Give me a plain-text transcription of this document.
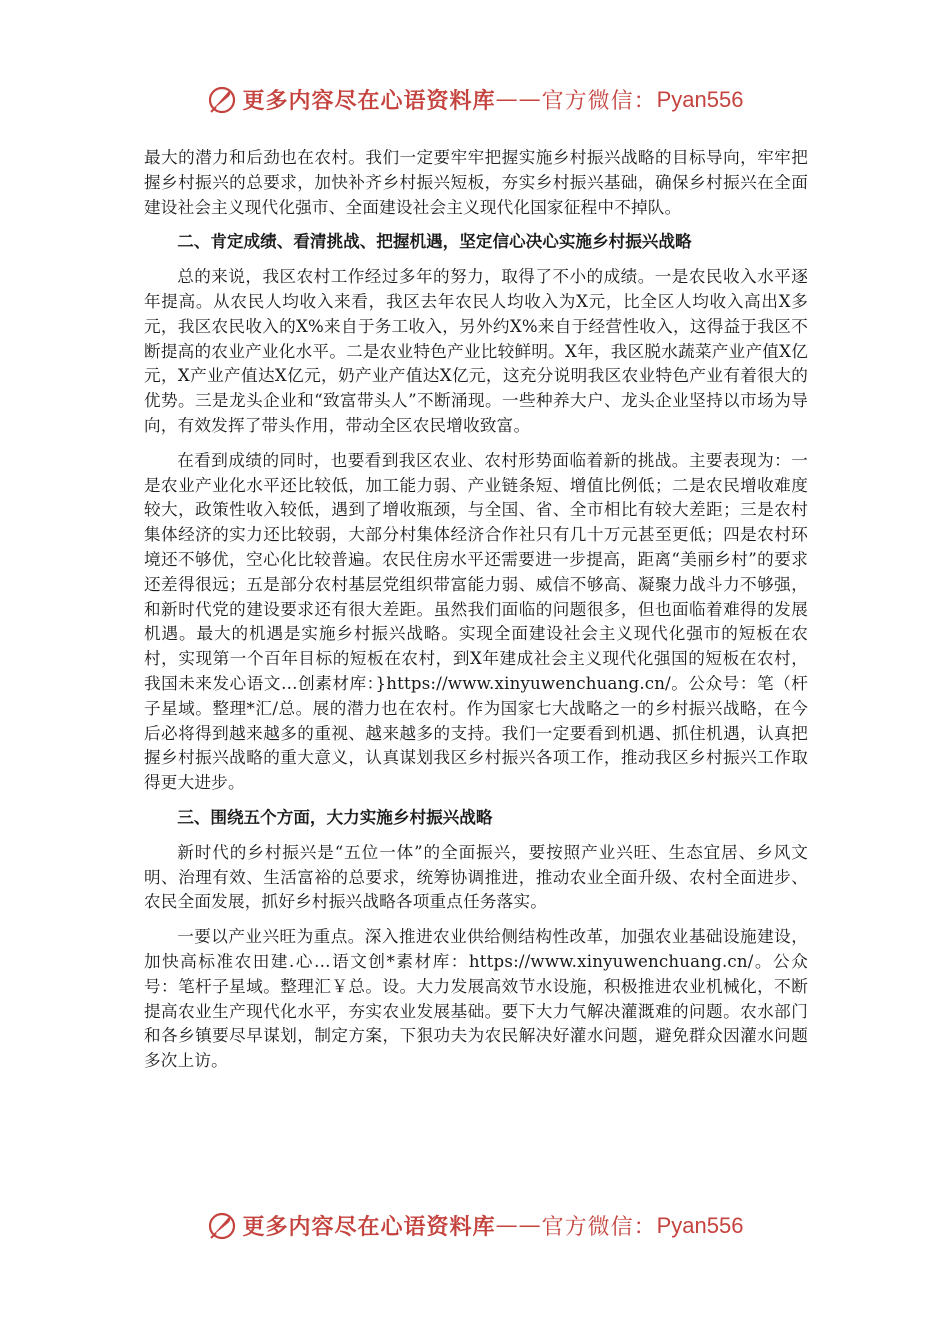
更多内容尽在心语资料库 —— 官方微信： Pyan556

最大的潜力和后劲也在农村。我们一定要牢牢把握实施乡村振兴战略的目标导向，牢牢把握乡村振兴的总要求，加快补齐乡村振兴短板，夯实乡村振兴基础，确保乡村振兴在全面建设社会主义现代化强市、全面建设社会主义现代化国家征程中不掉队。

二、肯定成绩、看清挑战、把握机遇，坚定信心决心实施乡村振兴战略

总的来说，我区农村工作经过多年的努力，取得了不小的成绩。一是农民收入水平逐年提高。从农民人均收入来看，我区去年农民人均收入为X元，比全区人均收入高出X多元，我区农民收入的X%来自于务工收入，另外约X%来自于经营性收入，这得益于我区不断提高的农业产业化水平。二是农业特色产业比较鲜明。X年，我区脱水蔬菜产业产值X亿元，X产业产值达X亿元，奶产业产值达X亿元，这充分说明我区农业特色产业有着很大的优势。三是龙头企业和“致富带头人”不断涌现。一些种养大户、龙头企业坚持以市场为导向，有效发挥了带头作用，带动全区农民增收致富。

在看到成绩的同时，也要看到我区农业、农村形势面临着新的挑战。主要表现为：一是农业产业化水平还比较低，加工能力弱、产业链条短、增值比例低；二是农民增收难度较大，政策性收入较低，遇到了增收瓶颈，与全国、省、全市相比有较大差距；三是农村集体经济的实力还比较弱，大部分村集体经济合作社只有几十万元甚至更低；四是农村环境还不够优，空心化比较普遍。农民住房水平还需要进一步提高，距离“美丽乡村”的要求还差得很远；五是部分农村基层党组织带富能力弱、威信不够高、凝聚力战斗力不够强，和新时代党的建设要求还有很大差距。虽然我们面临的问题很多，但也面临着难得的发展机遇。最大的机遇是实施乡村振兴战略。实现全面建设社会主义现代化强市的短板在农村，实现第一个百年目标的短板在农村，到X年建成社会主义现代化强国的短板在农村，我国未来发心语文…创素材库：}https://www.xinyuwenchuang.cn/。公众号：笔（杆子星域。整理*汇/总。展的潜力也在农村。作为国家七大战略之一的乡村振兴战略，在今后必将得到越来越多的重视、越来越多的支持。我们一定要看到机遇、抓住机遇，认真把握乡村振兴战略的重大意义，认真谋划我区乡村振兴各项工作，推动我区乡村振兴工作取得更大进步。

三、围绕五个方面，大力实施乡村振兴战略

新时代的乡村振兴是“五位一体”的全面振兴，要按照产业兴旺、生态宜居、乡风文明、治理有效、生活富裕的总要求，统筹协调推进，推动农业全面升级、农村全面进步、农民全面发展，抓好乡村振兴战略各项重点任务落实。

一要以产业兴旺为重点。深入推进农业供给侧结构性改革，加强农业基础设施建设，加快高标准农田建.心…语文创*素材库：https://www.xinyuwenchuang.cn/。公众号：笔杆子星域。整理汇￥总。设。大力发展高效节水设施，积极推进农业机械化，不断提高农业生产现代化水平，夯实农业发展基础。要下大力气解决灌溉难的问题。农水部门和各乡镇要尽早谋划，制定方案，下狠功夫为农民解决好灌水问题，避免群众因灌水问题多次上访。

更多内容尽在心语资料库 —— 官方微信： Pyan556
